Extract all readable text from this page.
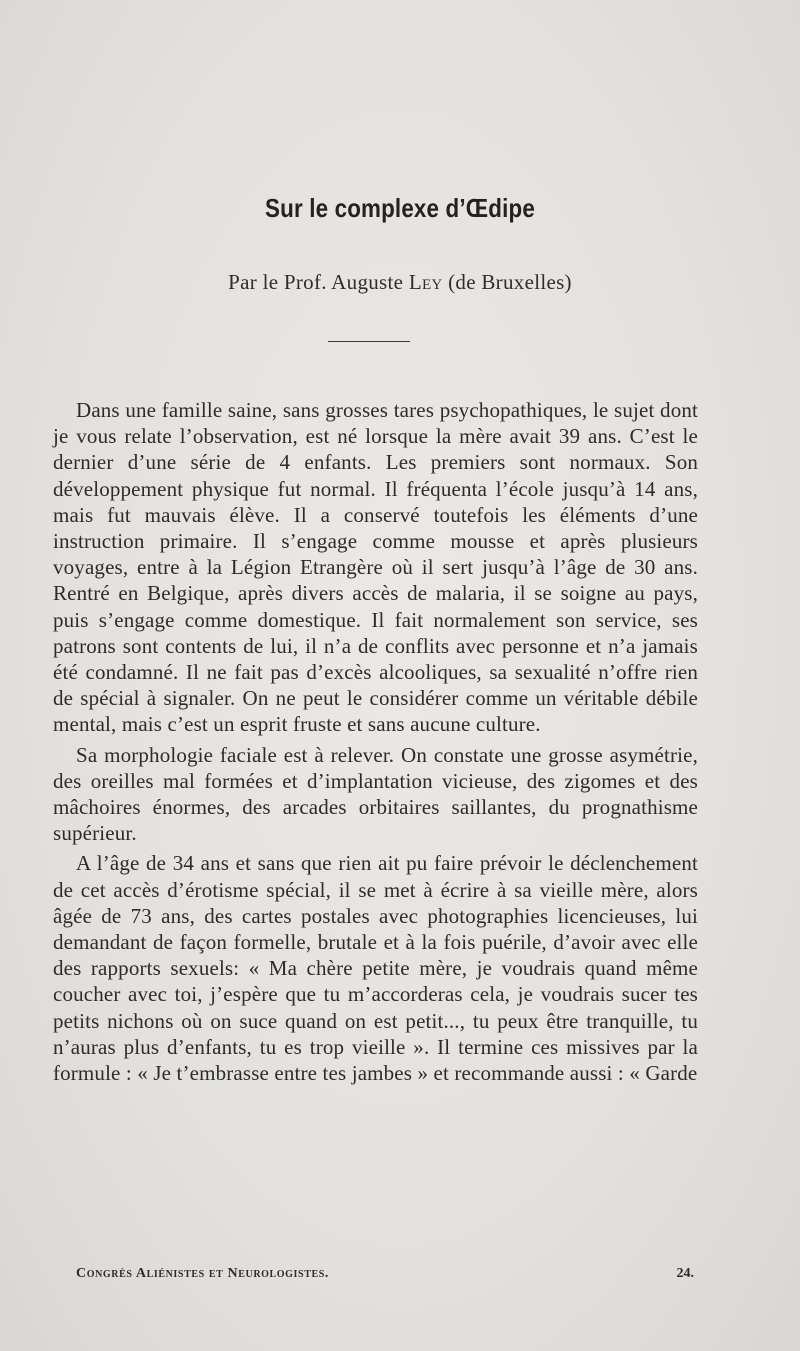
Sur le complexe d’Œdipe
Par le Prof. Auguste Ley (de Bruxelles)

Dans une famille saine, sans grosses tares psychopathiques, le sujet dont je vous relate l’observation, est né lorsque la mère avait 39 ans. C’est le dernier d’une série de 4 enfants. Les premiers sont normaux. Son développement physique fut normal. Il fréquenta l’école jusqu’à 14 ans, mais fut mauvais élève. Il a conservé toutefois les éléments d’une instruction primaire. Il s’engage comme mousse et après plusieurs voyages, entre à la Légion Etrangère où il sert jusqu’à l’âge de 30 ans. Rentré en Belgique, après divers accès de malaria, il se soigne au pays, puis s’engage comme domestique. Il fait normalement son service, ses patrons sont contents de lui, il n’a de conflits avec personne et n’a jamais été condamné. Il ne fait pas d’excès alcooliques, sa sexualité n’offre rien de spécial à signaler. On ne peut le considérer comme un véritable débile mental, mais c’est un esprit fruste et sans aucune culture.

Sa morphologie faciale est à relever. On constate une grosse asymétrie, des oreilles mal formées et d’implantation vicieuse, des zigomes et des mâchoires énormes, des arcades orbitaires saillantes, du prognathisme supérieur.

A l’âge de 34 ans et sans que rien ait pu faire prévoir le déclenchement de cet accès d’érotisme spécial, il se met à écrire à sa vieille mère, alors âgée de 73 ans, des cartes postales avec photographies licencieuses, lui demandant de façon formelle, brutale et à la fois puérile, d’avoir avec elle des rapports sexuels: « Ma chère petite mère, je voudrais quand même coucher avec toi, j’espère que tu m’accorderas cela, je voudrais sucer tes petits nichons où on suce quand on est petit..., tu peux être tranquille, tu n’auras plus d’enfants, tu es trop vieille ». Il termine ces missives par la formule : « Je t’embrasse entre tes jambes » et recommande aussi : « Garde

Congrès Aliénistes et Neurologistes.	24.
